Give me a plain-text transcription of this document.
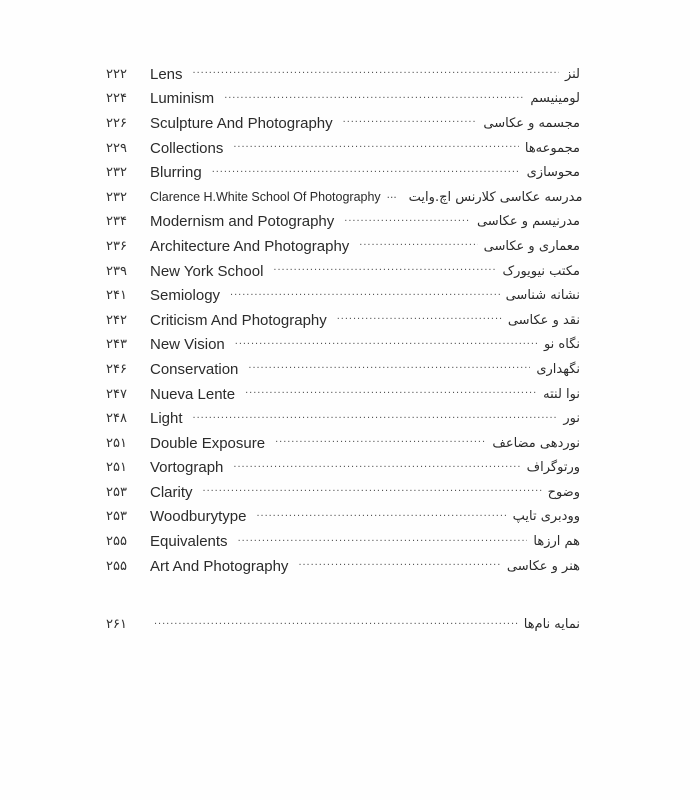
۲۲۲	Lens .....	لنز
۲۲۴	Luminism .....	لومینیسم
۲۲۶	Sculpture And Photography .....	مجسمه و عکاسی
۲۲۹	Collections .....	مجموعه‌ها
۲۳۲	Blurring .....	محوسازی
۲۳۲	Clarence H.White School Of Photography ... مدرسه عکاسی کلارنس اچ.وایت
۲۳۴	Modernism and Potography .....	مدرنیسم و عکاسی
۲۳۶	Architecture And Photography .....	معماری و عکاسی
۲۳۹	New York School .....	مکتب نیویورک
۲۴۱	Semiology .....	نشانه شناسی
۲۴۲	Criticism And Photography .....	نقد و عکاسی
۲۴۳	New Vision .....	نگاه نو
۲۴۶	Conservation .....	نگهداری
۲۴۷	Nueva Lente .....	نوا لنته
۲۴۸	Light .....	نور
۲۵۱	Double Exposure .....	نوردهی مضاعف
۲۵۱	Vortograph .....	ورتوگراف
۲۵۳	Clarity .....	وضوح
۲۵۳	Woodburytype .....	وودبری تایپ
۲۵۵	Equivalents .....	هم ارزها
۲۵۵	Art And Photography .....	هنر و عکاسی
۲۶۱ .....	نمایه نام‌ها
